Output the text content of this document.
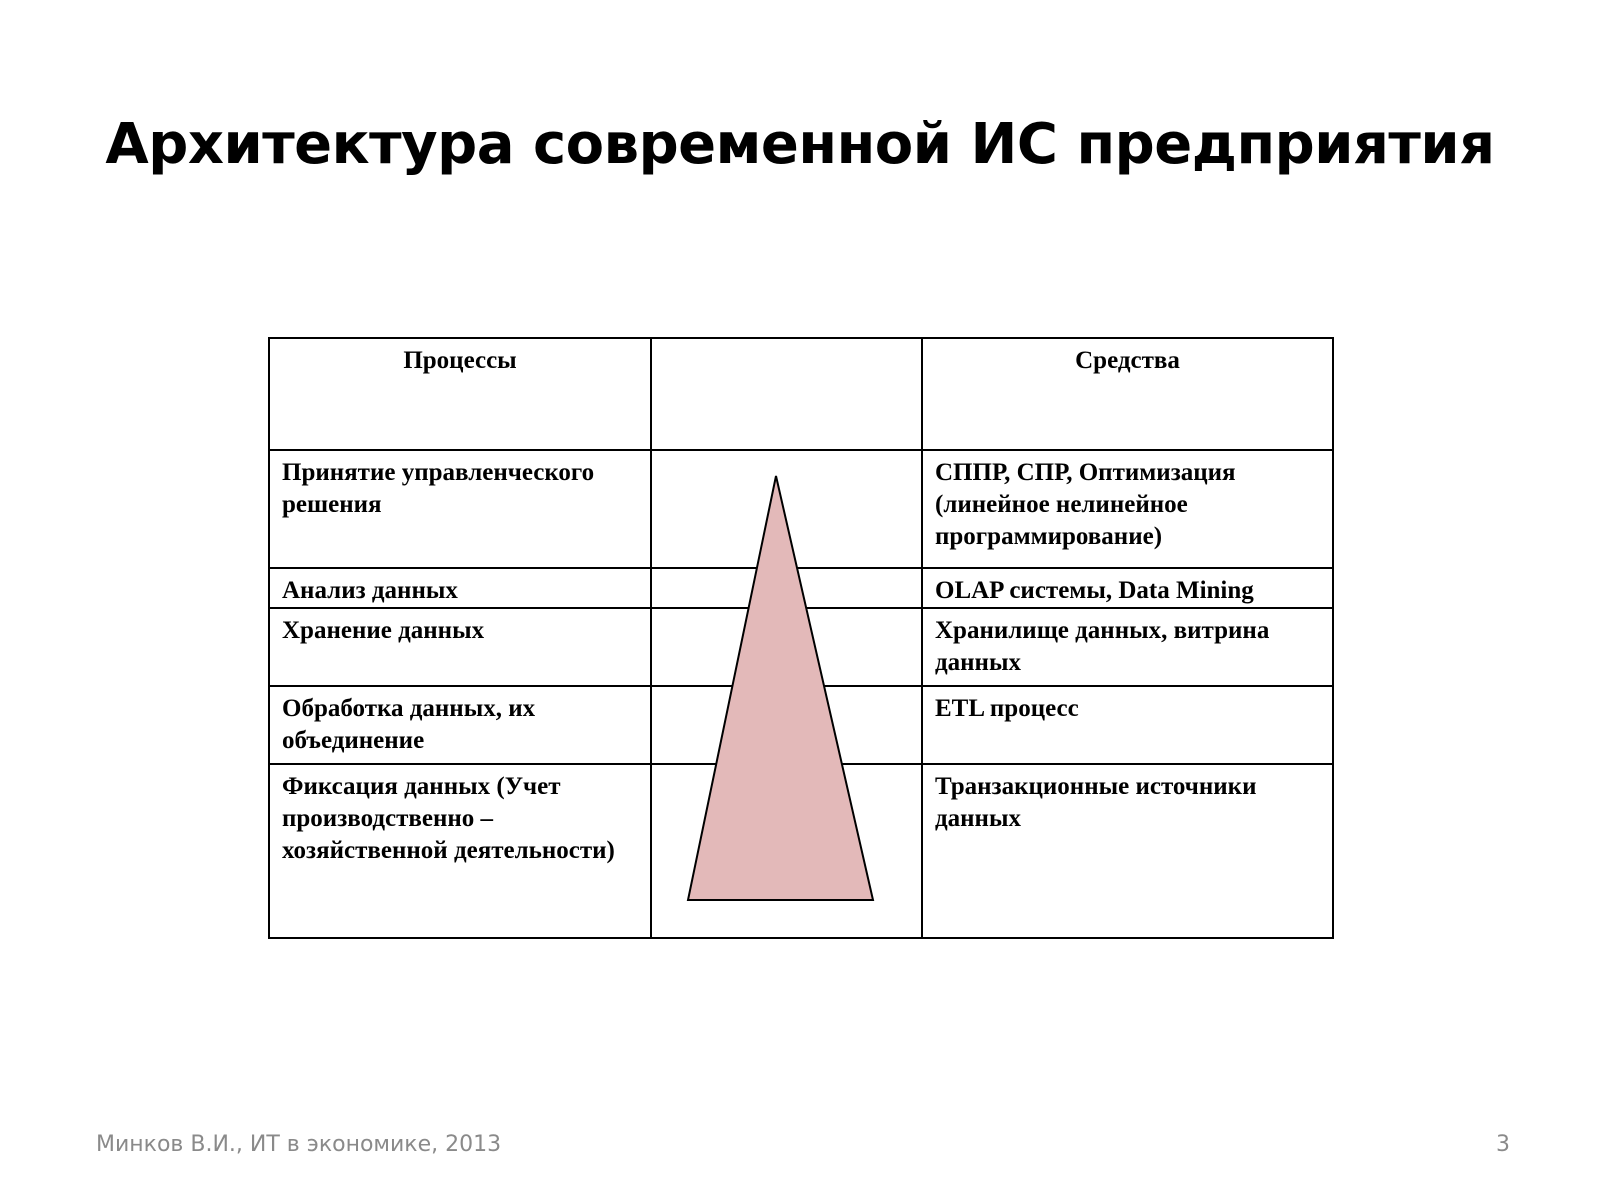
Архитектура современной ИС предприятия
Процессы		Средства
Принятие управленческого решения		СППР, СПР, Оптимизация (линейное нелинейное программирование)
Анализ данных		OLAP системы, Data Mining
Хранение данных		Хранилище данных, витрина данных
Обработка данных, их объединение		ETL процесс
Фиксация данных (Учет производственно – хозяйственной деятельности)		Транзакционные источники данных
Минков В.И., ИТ в экономике, 2013	3
